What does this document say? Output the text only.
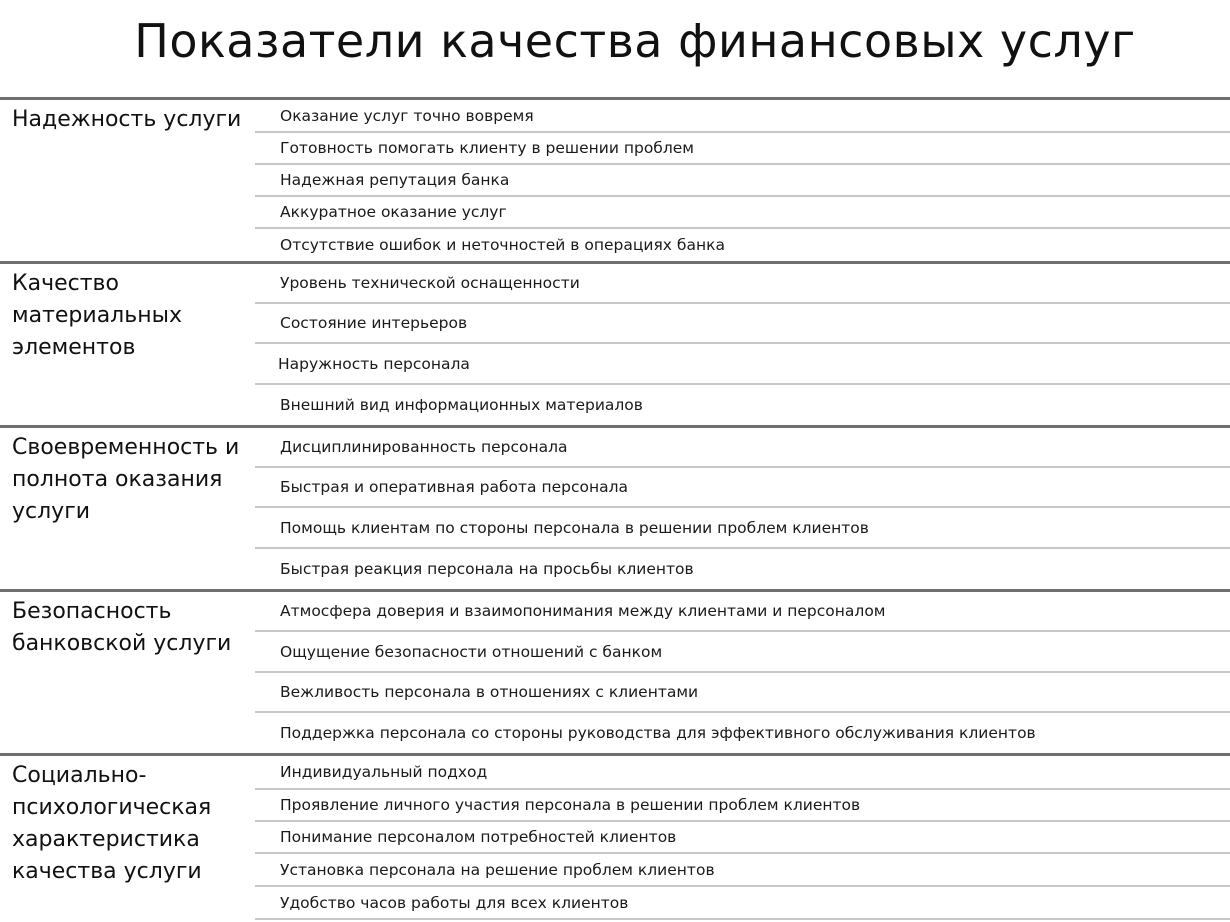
Показатели качества финансовых услуг
Надежность услуги	Оказание услуг точно вовремя
Готовность помогать клиенту в решении проблем
Надежная репутация банка
Аккуратное оказание услуг
Отсутствие ошибок и неточностей в операциях банка
Качество материальных элементов
Уровень технической оснащенности
Состояние интерьеров
Наружность персонала
Внешний вид информационных материалов
Своевременность и полнота оказания услуги
Дисциплинированность персонала
Быстрая и оперативная работа персонала
Помощь клиентам по стороны персонала в решении проблем клиентов
Быстрая реакция персонала на просьбы клиентов
Безопасность банковской услуги
Атмосфера доверия и взаимопонимания между клиентами и персоналом
Ощущение безопасности отношений с банком
Вежливость персонала в отношениях с клиентами
Поддержка персонала со стороны руководства для эффективного обслуживания клиентов
Социально-психологическая характеристика качества услуги
Индивидуальный подход
Проявление личного участия персонала в решении проблем клиентов
Понимание персоналом потребностей клиентов
Установка персонала на решение проблем клиентов
Удобство часов работы для всех клиентов
